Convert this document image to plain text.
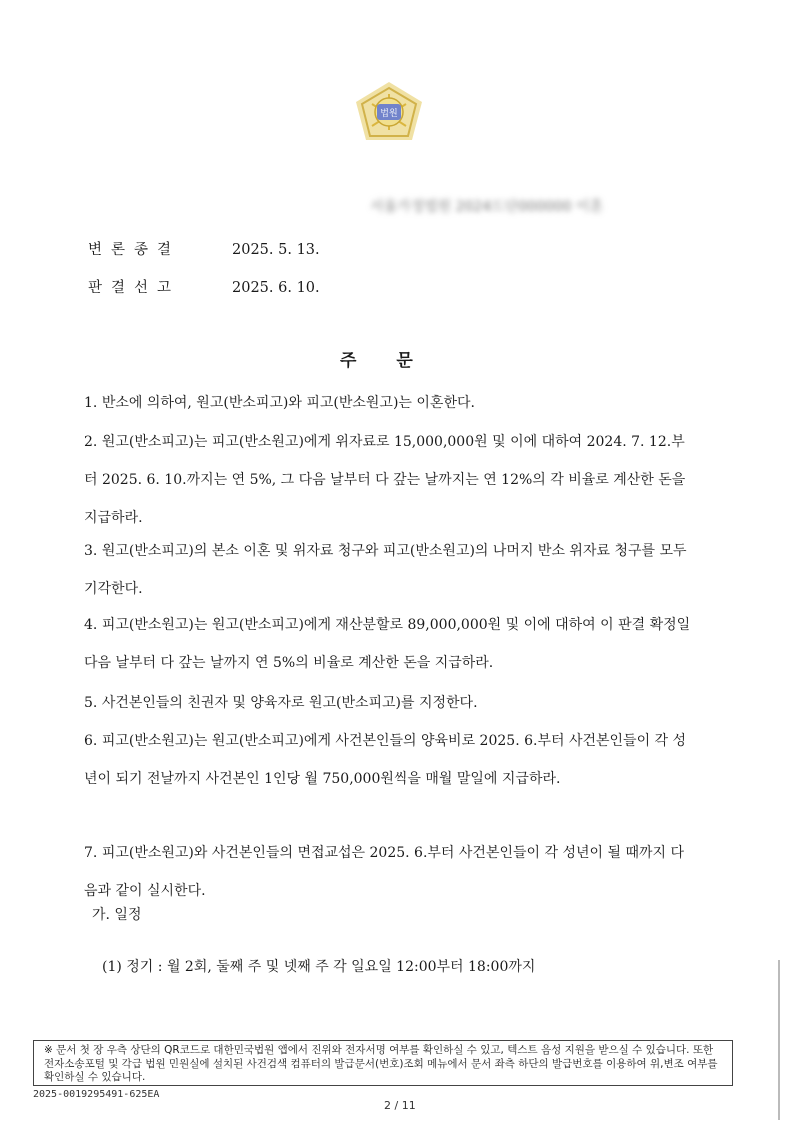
법원
서울가정법원 2024드단000000 이혼
변론종결	2025. 5. 13.
판결선고	2025. 6. 10.
주문
1. 반소에 의하여, 원고(반소피고)와 피고(반소원고)는 이혼한다.
2. 원고(반소피고)는 피고(반소원고)에게 위자료로 15,000,000원 및 이에 대하여 2024. 7. 12.부터 2025. 6. 10.까지는 연 5%, 그 다음 날부터 다 갚는 날까지는 연 12%의 각 비율로 계산한 돈을 지급하라.
3. 원고(반소피고)의 본소 이혼 및 위자료 청구와 피고(반소원고)의 나머지 반소 위자료 청구를 모두 기각한다.
4. 피고(반소원고)는 원고(반소피고)에게 재산분할로 89,000,000원 및 이에 대하여 이 판결 확정일 다음 날부터 다 갚는 날까지 연 5%의 비율로 계산한 돈을 지급하라.
5. 사건본인들의 친권자 및 양육자로 원고(반소피고)를 지정한다.
6. 피고(반소원고)는 원고(반소피고)에게 사건본인들의 양육비로 2025. 6.부터 사건본인들이 각 성년이 되기 전날까지 사건본인 1인당 월 750,000원씩을 매월 말일에 지급하라.
7. 피고(반소원고)와 사건본인들의 면접교섭은 2025. 6.부터 사건본인들이 각 성년이 될 때까지 다음과 같이 실시한다.
가. 일정
(1) 정기 : 월 2회, 둘째 주 및 넷째 주 각 일요일 12:00부터 18:00까지
※ 문서 첫 장 우측 상단의 QR코드로 대한민국법원 앱에서 진위와 전자서명 여부를 확인하실 수 있고, 텍스트 음성 지원을 받으실 수 있습니다. 또한 전자소송포털 및 각급 법원 민원실에 설치된 사건검색 컴퓨터의 발급문서(번호)조회 메뉴에서 문서 좌측 하단의 발급번호를 이용하여 위,변조 여부를 확인하실 수 있습니다.
2025-0019295491-625EA
2 / 11
